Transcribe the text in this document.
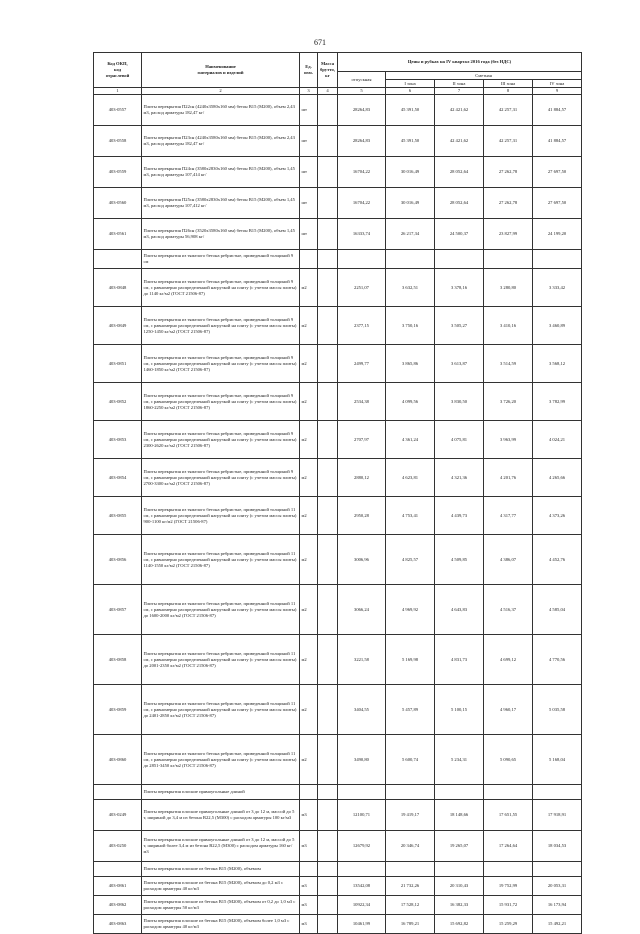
671
Код ОКП,
код
отраслевой	Наименование
материалов и изделий	Ед.
изм.	Масса
брутто,
кг	Цены и рубках на IV квартал 2016 года (без НДС)				
				отпускная	Сметная			
					I зона	II зона	III зона	IV зона
1	2	3	4	5	6	7	8	9
403-0557	Плиты перекрытия П22сн (4240х3580х160 мм) бетон В15 (М200), объем 2,43 м3, расход арматуры 182,47 кг/	шт		28264,83	45 391,50	42 421,62	42 257,31	41 884,57
403-0558	Плиты перекрытия П23сн (4240х3580х160 мм) бетон В15 (М200), объем 2,43 м3, расход арматуры 182,47 кг/	шт		28264,83	45 391,50	42 421,62	42 257,31	41 884,57
403-0559	Плиты перекрытия П24сн (3580х2830х160 мм) бетон В15 (М200), объем 1,45 м3, расход арматуры 107,414 кг/	шт		16704,22	30 016,49	28 052,64	27 262,78	27 697,50
403-0560	Плиты перекрытия П25сн (3580х2830х160 мм) бетон В15 (М200), объем 1,45 м3, расход арматуры 107,412 кг/	шт		16704,22	30 016,49	28 052,64	27 262,78	27 697,50
403-0561	Плиты перекрытия П26сн (3520х3580х160 мм) бетон В15 (М200), объем 1,45 м3, расход арматуры 56,908 кг/	шт		16333,74	26 217,34	24 500,37	23 827,99	24 199,20
	Плиты перекрытия из тяжелого бетона ребристые, приведенной толщиной 9 см							
403-0848	Плиты перекрытия из тяжелого бетона ребристые, приведенной толщиной 9 см, с равномерно распределенной нагрузкой на плиту (с учетом массы плиты) до 1140 кг/м2 (ГОСТ 21506-87)	м2		2251,07	3 632,51	3 378,16	3 280,80	3 333,42
403-0849	Плиты перекрытия из тяжелого бетона ребристые, приведенной толщиной 9 см, с равномерно распределенной нагрузкой на плиту (с учетом массы плиты) 1250-1450 кг/м2 (ГОСТ 21506-87)	м2		2377,15	3 750,16	3 505,27	3 410,16	3 460,89
403-0851	Плиты перекрытия из тяжелого бетона ребристые, приведенной толщиной 9 см, с равномерно распределенной нагрузкой на плиту (с учетом массы плиты) 1460-1850 кг/м2 (ГОСТ 21506-87)	м2		2499,77	3 865,86	3 613,87	3 514,59	3 568,12
403-0852	Плиты перекрытия из тяжелого бетона ребристые, приведенной толщиной 9 см, с равномерно распределенной нагрузкой на плиту (с учетом массы плиты) 1860-2250 кг/м2 (ГОСТ 21506-87)	м2		2534,38	4 099,56	3 830,50	3 726,20	3 782,99
403-0853	Плиты перекрытия из тяжелого бетона ребристые, приведенной толщиной 9 см, с равномерно распределенной нагрузкой на плиту (с учетом массы плиты) 2300-2620 кг/м2 (ГОСТ 21506-87)	м2		2707,97	4 361,24	4 075,81	3 963,99	4 024,21
403-0854	Плиты перекрытия из тяжелого бетона ребристые, приведенной толщиной 9 см, с равномерно распределенной нагрузкой на плиту (с учетом массы плиты) 2700-3300 кг/м2 (ГОСТ 21506-87)	м2		2880,12	4 623,81	4 321,36	4 201,76	4 265,66
403-0855	Плиты перекрытия из тяжелого бетона ребристые, приведенной толщиной 11 см, с равномерно распределенной нагрузкой на плиту (с учетом массы плиты) 900-1100 кг/м2 (ГОСТ 21506-87)	м2		2950,28	4 753,41	4 439,73	4 317,77	4 373,26
403-0856	Плиты перекрытия из тяжелого бетона ребристые, приведенной толщиной 11 см, с равномерно распределенной нагрузкой на плиту (с учетом массы плиты) 1140-1550 кг/м2 (ГОСТ 21506-87)	м2		3006,96	4 825,57	4 509,85	4 386,07	4 452,76
403-0857	Плиты перекрытия из тяжелого бетона ребристые, приведенной толщиной 11 см, с равномерно распределенной нагрузкой на плиту (с учетом массы плиты) до 1600-2000 кг/м2 (ГОСТ 21506-87)	м2		3066,24	4 969,92	4 643,83	4 516,37	4 585,04
403-0858	Плиты перекрытия из тяжелого бетона ребристые, приведенной толщиной 11 см, с равномерно распределенной нагрузкой на плиту (с учетом массы плиты) до 2001-2350 кг/м2 (ГОСТ 21506-87)	м2		3221,58	5 169,98	4 831,73	4 699,12	4 770,56
403-0859	Плиты перекрытия из тяжелого бетона ребристые, приведенной толщиной 11 см, с равномерно распределенной нагрузкой на плиту (с учетом массы плиты) до 2401-2850 кг/м2 (ГОСТ 21506-87)	м2		3404,55	5 457,89	5 100,15	4 960,17	5 035,58
403-0860	Плиты перекрытия из тяжелого бетона ребристые, приведенной толщиной 11 см, с равномерно распределенной нагрузкой на плиту (с учетом массы плиты) до 2851-3450 кг/м2 (ГОСТ 21506-87)	м2		3490,80	5 600,74	5 234,31	5 090,65	5 168,04
	Плиты перекрытия плоские прямоугольные длиной							
403-0249	Плиты перекрытия плоские прямоугольные длиной от 3 до 12 м, массой до 5 т, шириной до 3,4 м из бетона В22,5 (М300) с расходом арматуры 100 кг/м3	м3		12100,71	19 419,17	18 148,66	17 651,55	17 918,91
403-0250	Плиты перекрытия плоские прямоугольные длиной от 3 до 12 м, массой до 5 т, шириной более 3,4 м из бетона В22,5 (М300) с расходом арматуры 160 кг/м3	м3		12679,92	20 346,74	19 265,07	17 264,64	18 034,53
	Плиты перекрытия плоские из бетона В15 (М200), объемом							
403-0861	Плиты перекрытия плоские из бетона В15 (М200), объемом до 0,2 м3 с расходом арматуры 40 кг/м3	м3		13542,08	21 732,26	20 310,43	19 752,99	20 053,31
403-0862	Плиты перекрытия плоские из бетона В15 (М200), объемом от 0,2 до 1,0 м3 с расходом арматуры 50 кг/м3	м3		10922,34	17 528,12	16 382,33	15 931,72	16 173,94
403-0863	Плиты перекрытия плоские из бетона В15 (М200), объемом более 1,0 м3 с расходом арматуры 40 кг/м3	м3		10461,99	16 789,21	15 692,82	15 259,29	15 492,21
